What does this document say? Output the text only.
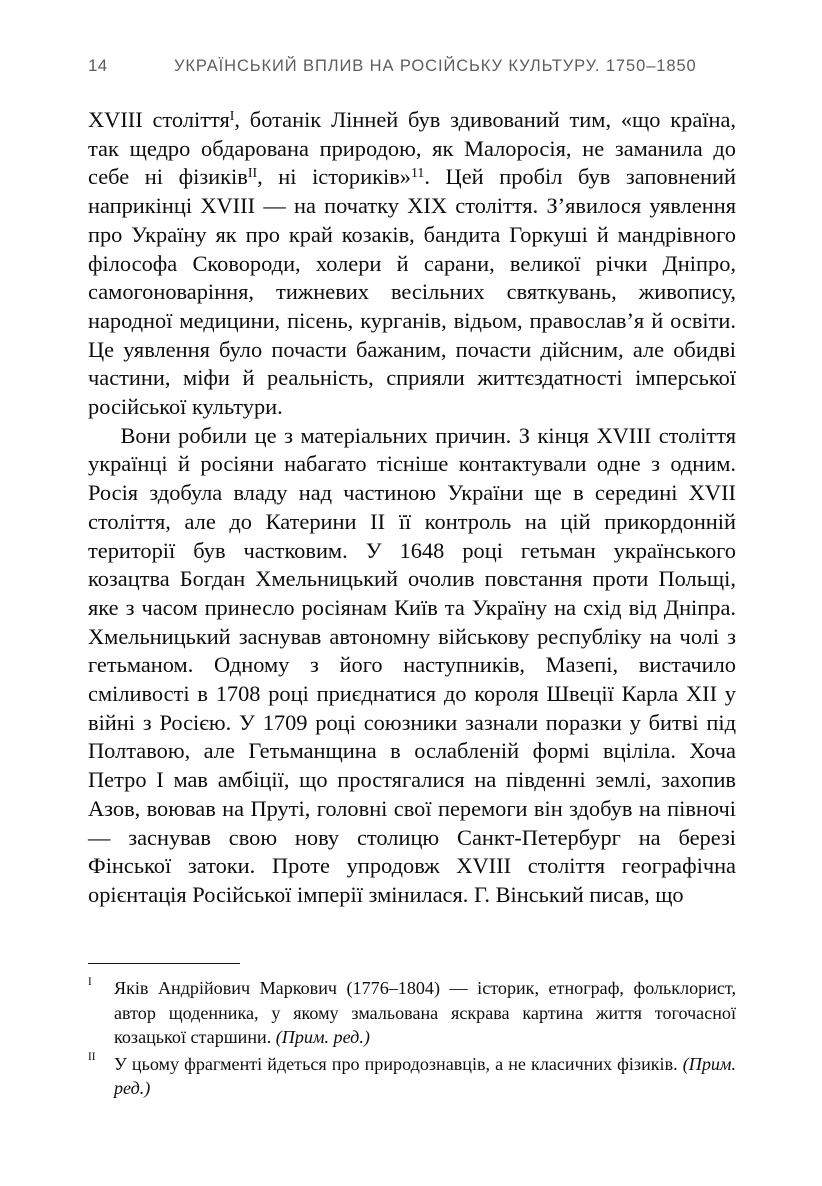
14	УКРАЇНСЬКИЙ ВПЛИВ НА РОСІЙСЬКУ КУЛЬТУРУ. 1750–1850

XVIII століття$^I$, ботанік Лінней був здивований тим, «що країна, так щедро обдарована природою, як Малоросія, не заманила до себе ні фізиків$^{II}$, ні істориків»$^{11}$. Цей пробіл був заповнений наприкінці XVIII — на початку XIX століття. З’явилося уявлення про Україну як про край козаків, бандита Горкуші й мандрівного філософа Сковороди, холери й сарани, великої річки Дніпро, самогоноваріння, тижневих весільних святкувань, живопису, народної медицини, пісень, курганів, відьом, православ’я й освіти. Це уявлення було почасти бажаним, почасти дійсним, але обидві частини, міфи й реальність, сприяли життєздатності імперської російської культури.

Вони робили це з матеріальних причин. З кінця XVIII століття українці й росіяни набагато тісніше контактували одне з одним. Росія здобула владу над частиною України ще в середині XVII століття, але до Катерини II її контроль на цій прикордонній території був частковим. У 1648 році гетьман українського козацтва Богдан Хмельницький очолив повстання проти Польщі, яке з часом принесло росіянам Київ та Україну на схід від Дніпра. Хмельницький заснував автономну військову республіку на чолі з гетьманом. Одному з його наступників, Мазепі, вистачило сміливості в 1708 році приєднатися до короля Швеції Карла XII у війні з Росією. У 1709 році союзники зазнали поразки у битві під Полтавою, але Гетьманщина в ослабленій формі вціліла. Хоча Петро I мав амбіції, що простягалися на південні землі, захопив Азов, воював на Пруті, головні свої перемоги він здобув на півночі — заснував свою нову столицю Санкт-Петербург на березі Фінської затоки. Проте упродовж XVIII століття географічна орієнтація Російської імперії змінилася. Г. Вінський писав, що

I Яків Андрійович Маркович (1776–1804) — історик, етнограф, фольклорист, автор щоденника, у якому змальована яскрава картина життя тогочасної козацької старшини. (Прим. ред.)

II У цьому фрагменті йдеться про природознавців, а не класичних фізиків. (Прим. ред.)
